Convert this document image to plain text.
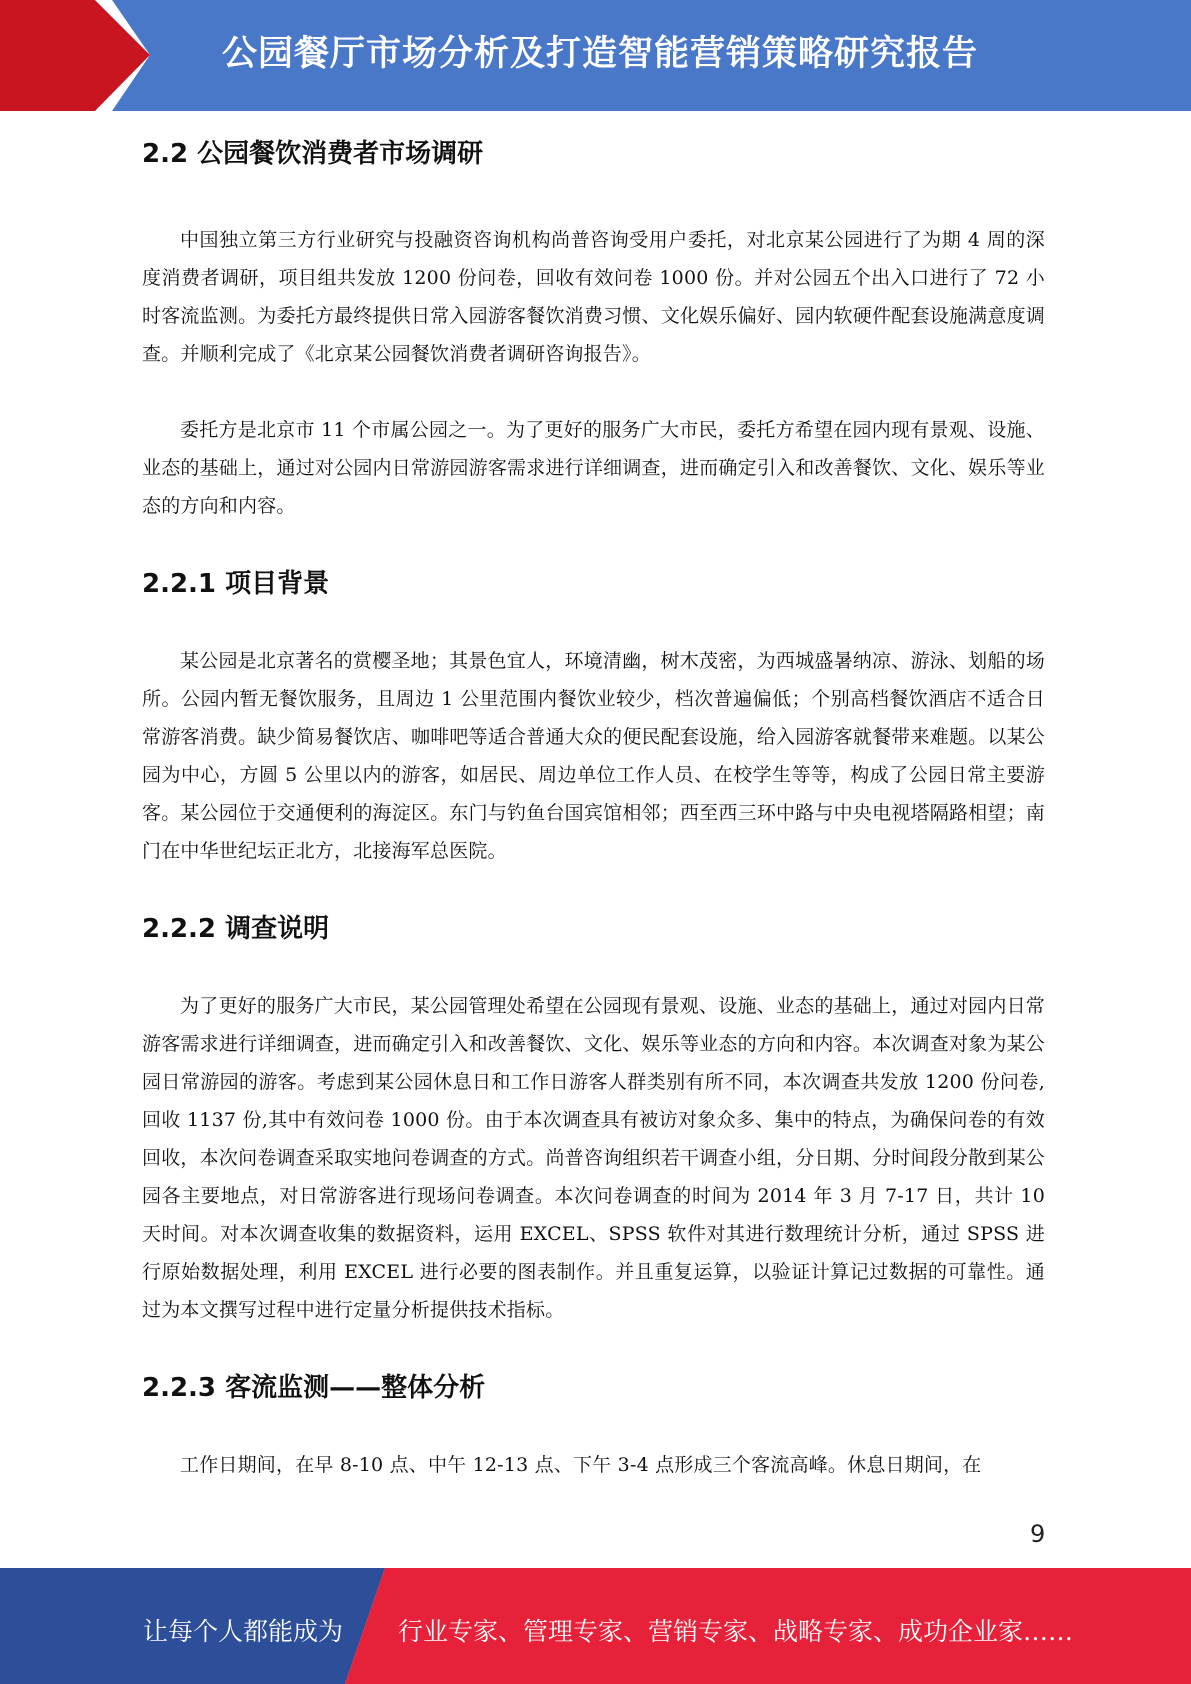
公园餐厅市场分析及打造智能营销策略研究报告
2.2 公园餐饮消费者市场调研

中国独立第三方行业研究与投融资咨询机构尚普咨询受用户委托，对北京某公园进行了为期 4 周的深度消费者调研，项目组共发放 1200 份问卷，回收有效问卷 1000 份。并对公园五个出入口进行了 72 小时客流监测。为委托方最终提供日常入园游客餐饮消费习惯、文化娱乐偏好、园内软硬件配套设施满意度调查。并顺利完成了《北京某公园餐饮消费者调研咨询报告》。

委托方是北京市 11 个市属公园之一。为了更好的服务广大市民，委托方希望在园内现有景观、设施、业态的基础上，通过对公园内日常游园游客需求进行详细调查，进而确定引入和改善餐饮、文化、娱乐等业态的方向和内容。

2.2.1 项目背景

某公园是北京著名的赏樱圣地；其景色宜人，环境清幽，树木茂密，为西城盛暑纳凉、游泳、划船的场所。公园内暂无餐饮服务，且周边 1 公里范围内餐饮业较少，档次普遍偏低；个别高档餐饮酒店不适合日常游客消费。缺少简易餐饮店、咖啡吧等适合普通大众的便民配套设施，给入园游客就餐带来难题。以某公园为中心，方圆 5 公里以内的游客，如居民、周边单位工作人员、在校学生等等，构成了公园日常主要游客。某公园位于交通便利的海淀区。东门与钓鱼台国宾馆相邻；西至西三环中路与中央电视塔隔路相望；南门在中华世纪坛正北方，北接海军总医院。

2.2.2 调查说明

为了更好的服务广大市民，某公园管理处希望在公园现有景观、设施、业态的基础上，通过对园内日常游客需求进行详细调查，进而确定引入和改善餐饮、文化、娱乐等业态的方向和内容。本次调查对象为某公园日常游园的游客。考虑到某公园休息日和工作日游客人群类别有所不同，本次调查共发放 1200 份问卷,回收 1137 份,其中有效问卷 1000 份。由于本次调查具有被访对象众多、集中的特点，为确保问卷的有效回收，本次问卷调查采取实地问卷调查的方式。尚普咨询组织若干调查小组，分日期、分时间段分散到某公园各主要地点，对日常游客进行现场问卷调查。本次问卷调查的时间为 2014 年 3 月 7-17 日，共计 10 天时间。对本次调查收集的数据资料，运用 EXCEL、SPSS 软件对其进行数理统计分析，通过 SPSS 进行原始数据处理，利用 EXCEL 进行必要的图表制作。并且重复运算，以验证计算记过数据的可靠性。通过为本文撰写过程中进行定量分析提供技术指标。

2.2.3 客流监测——整体分析

工作日期间，在早 8-10 点、中午 12-13 点、下午 3-4 点形成三个客流高峰。休息日期间，在

9
让每个人都能成为 行业专家、管理专家、营销专家、战略专家、成功企业家……
